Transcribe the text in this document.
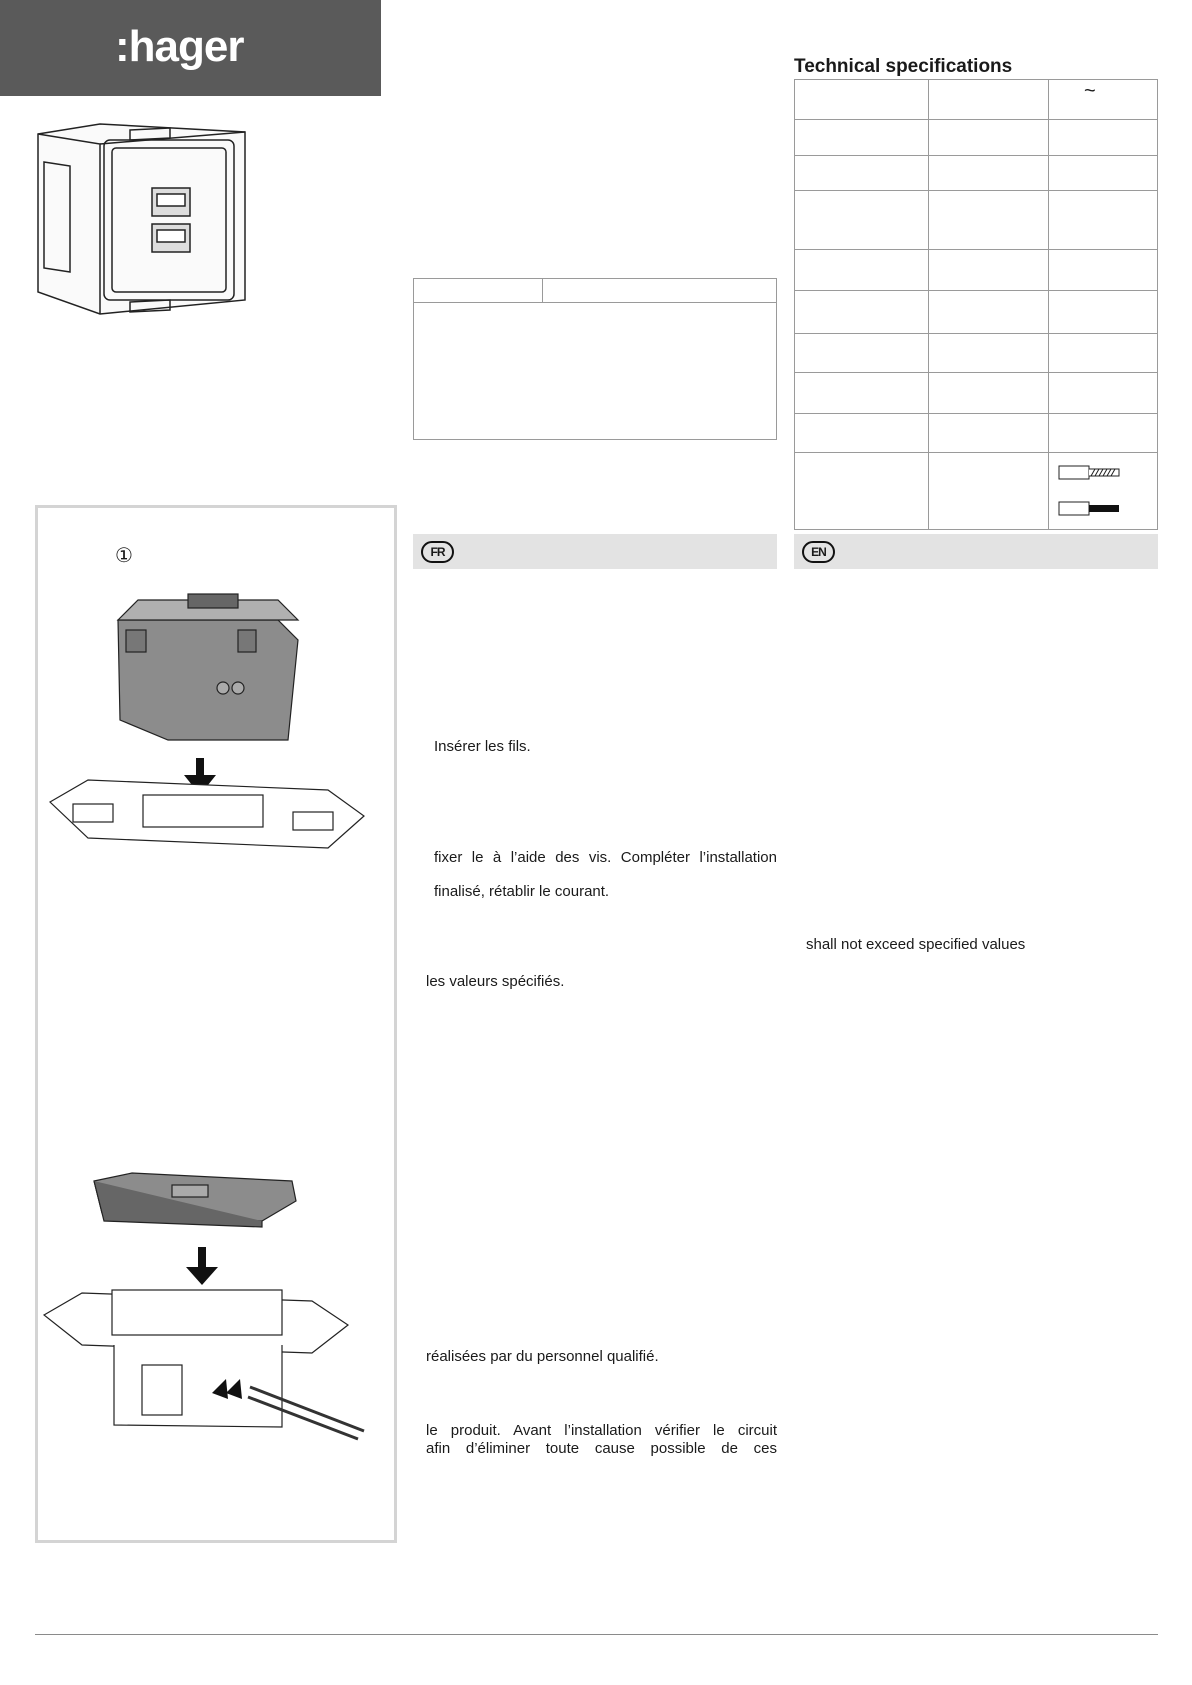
:hager
①
Technical specifications
~
FR	EN
Insérer les fils.
fixer le à l’aide des vis. Compléter l’installation
finalisé, rétablir le courant.
les valeurs spécifiés.
réalisées par du personnel qualifié.
le produit. Avant l’installation vérifier le circuit
afin d’éliminer toute cause possible de ces
shall not exceed specified values
